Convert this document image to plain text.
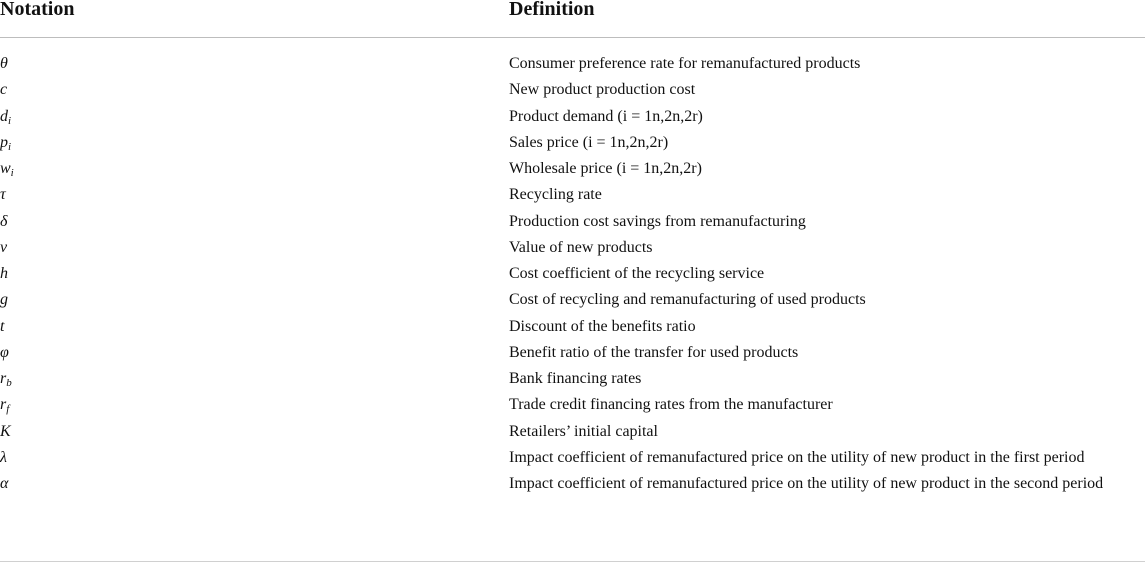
Notation	Definition
θ	Consumer preference rate for remanufactured products
c	New product production cost
$d_i$	Product demand (i = 1n,2n,2r)
$p_i$	Sales price (i = 1n,2n,2r)
$w_i$	Wholesale price (i = 1n,2n,2r)
τ	Recycling rate
δ	Production cost savings from remanufacturing
v	Value of new products
h	Cost coefficient of the recycling service
g	Cost of recycling and remanufacturing of used products
t	Discount of the benefits ratio
φ	Benefit ratio of the transfer for used products
$r_b$	Bank financing rates
$r_f$	Trade credit financing rates from the manufacturer
K	Retailers’ initial capital
λ	Impact coefficient of remanufactured price on the utility of new product in the first period
α	Impact coefficient of remanufactured price on the utility of new product in the second period
